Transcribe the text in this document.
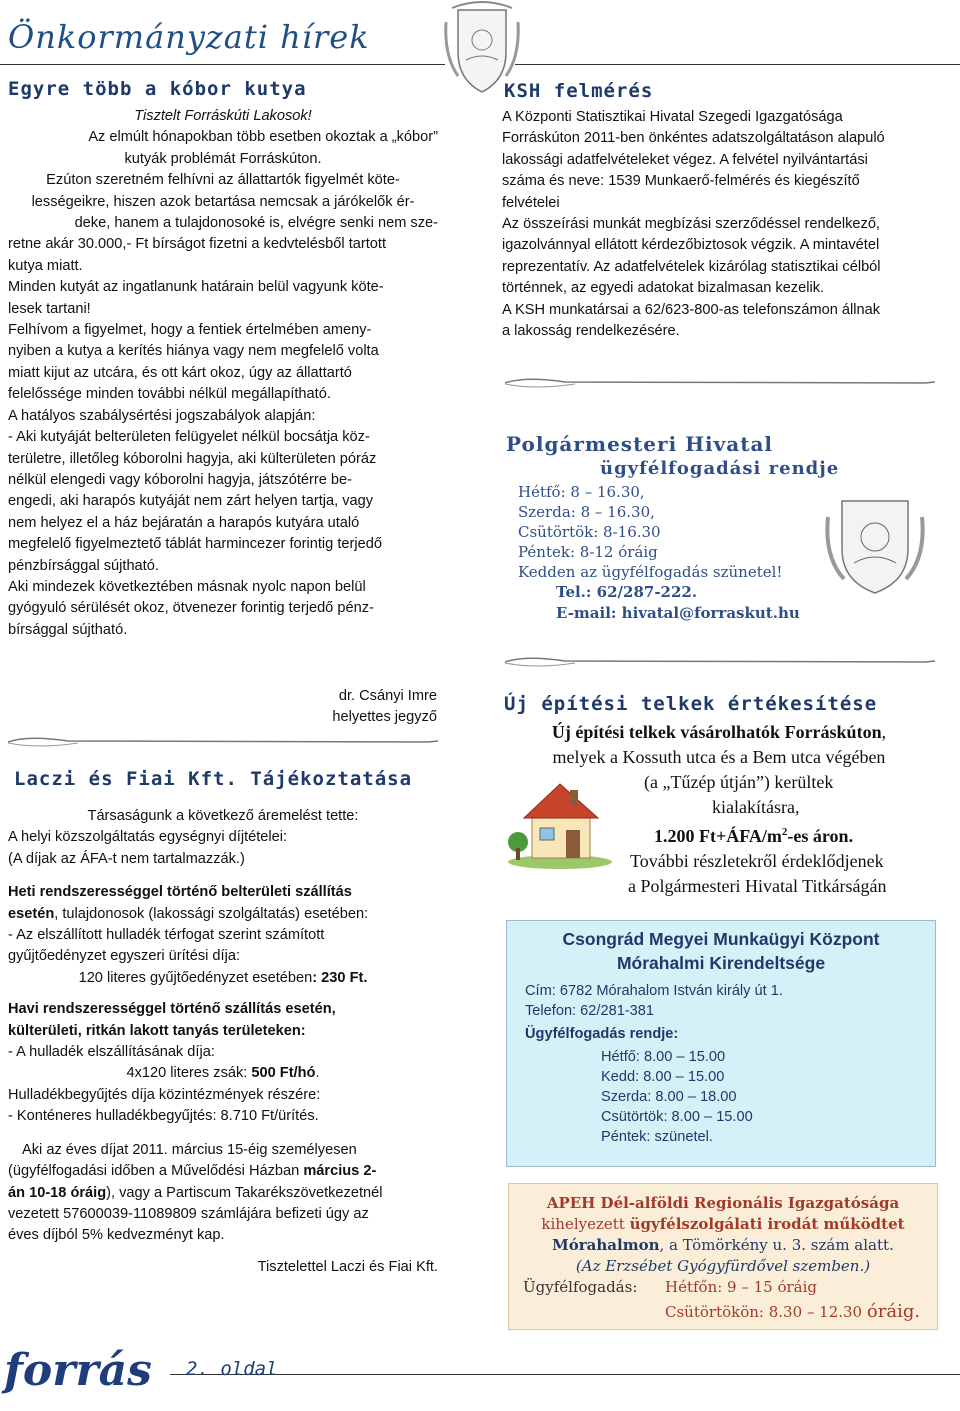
Önkormányzati hírek
Egyre több a kóbor kutya

Tisztelt Forráskúti Lakosok!

Az elmúlt hónapokban több esetben okoztak a „kóbor”

kutyák problémát Forráskúton.

Ezúton szeretném felhívni az állattartók figyelmét köte-

lességeikre, hiszen azok betartása nemcsak a járókelők ér-

deke, hanem a tulajdonosoké is, elvégre senki nem sze-

retne akár 30.000,- Ft bírságot fizetni a kedvtelésből tartott

kutya miatt.

Minden kutyát az ingatlanunk határain belül vagyunk köte-

lesek tartani!

Felhívom a figyelmet, hogy a fentiek értelmében ameny-

nyiben a kutya a kerítés hiánya vagy nem megfelelő volta

miatt kijut az utcára, és ott kárt okoz, úgy az állattartó

felelőssége minden további nélkül megállapítható.

A hatályos szabálysértési jogszabályok alapján:

- Aki kutyáját belterületen felügyelet nélkül bocsátja köz-

területre, illetőleg kóborolni hagyja, aki külterületen póráz

nélkül elengedi vagy kóborolni hagyja, játszótérre be-

engedi, aki harapós kutyáját nem zárt helyen tartja, vagy

nem helyez el a ház bejáratán a harapós kutyára utaló

megfelelő figyelmeztető táblát harmincezer forintig terjedő

pénzbírsággal sújtható.

Aki mindezek következtében másnak nyolc napon belül

gyógyuló sérülését okoz, ötvenezer forintig terjedő pénz-

bírsággal sújtható.

dr. Csányi Imre

helyettes jegyző

Laczi és Fiai Kft. Tájékoztatása

Társaságunk a következő áremelést tette:

A helyi közszolgáltatás egységnyi díjtételei:

(A díjak az ÁFA-t nem tartalmazzák.)

Heti rendszerességgel történő belterületi szállítás

esetén, tulajdonosok (lakossági szolgáltatás) esetében:

- Az elszállított hulladék térfogat szerint számított

gyűjtőedényzet egyszeri ürítési díja:

120 literes gyűjtőedényzet esetében: 230 Ft.

Havi rendszerességgel történő szállítás esetén,

külterületi, ritkán lakott tanyás területeken:

- A hulladék elszállításának díja:

4x120 literes zsák: 500 Ft/hó.

Hulladékbegyűjtés díja közintézmények részére:

- Konténeres hulladékbegyűjtés: 8.710 Ft/ürítés.

Aki az éves díjat 2011. március 15-éig személyesen

(ügyfélfogadási időben a Művelődési Házban március 2-

án 10-18 óráig), vagy a Partiscum Takarékszövetkezetnél

vezetett 57600039-11089809 számlájára befizeti úgy az

éves díjból 5% kedvezményt kap.

Tisztelettel Laczi és Fiai Kft.

KSH felmérés

A Központi Statisztikai Hivatal Szegedi Igazgatósága

Forráskúton 2011-ben önkéntes adatszolgáltatáson alapuló

lakossági adatfelvételeket végez. A felvétel nyilvántartási

száma és neve: 1539 Munkaerő-felmérés és kiegészítő

felvételei

Az összeírási munkát megbízási szerződéssel rendelkező,

igazolvánnyal ellátott kérdezőbiztosok végzik. A mintavétel

reprezentatív. Az adatfelvételek kizárólag statisztikai célból

történnek, az egyedi adatokat bizalmasan kezelik.

A KSH munkatársai a 62/623-800-as telefonszámon állnak

a lakosság rendelkezésére.

Polgármesteri Hivatal
ügyfélfogadási rendje
Hétfő: 8 – 16.30,
Szerda: 8 – 16.30,
Csütörtök: 8-16.30
Péntek: 8-12 óráig
Kedden az ügyfélfogadás szünetel!
Tel.: 62/287-222.
E-mail: hivatal@forraskut.hu
Új építési telkek értékesítése
Új építési telkek vásárolhatók Forráskúton,
melyek a Kossuth utca és a Bem utca végében
(a „Tűzép útján”) kerültek
kialakításra,
1.200 $Ft+ÁFA/m^2-es$ áron.
További részletekről érdeklődjenek
a Polgármesteri Hivatal Titkárságán
Csongrád Megyei Munkaügyi Központ
Mórahalmi Kirendeltsége
Cím: 6782 Mórahalom István király út 1.
Telefon: 62/281-381
Ügyfélfogadás rendje:
Hétfő: 8.00 – 15.00
Kedd: 8.00 – 15.00
Szerda: 8.00 – 18.00
Csütörtök: 8.00 – 15.00
Péntek: szünetel.
APEH Dél-alföldi Regionális Igazgatósága
kihelyezett ügyfélszolgálati irodát működtet
Mórahalmon, a Tömörkény u. 3. szám alatt.
(Az Erzsébet Gyógyfürdővel szemben.)
Ügyfélfogadás: Hétfőn: 9 – 15 óráig
Csütörtökön: 8.30 – 12.30 óráig.
forrás 2. oldal
